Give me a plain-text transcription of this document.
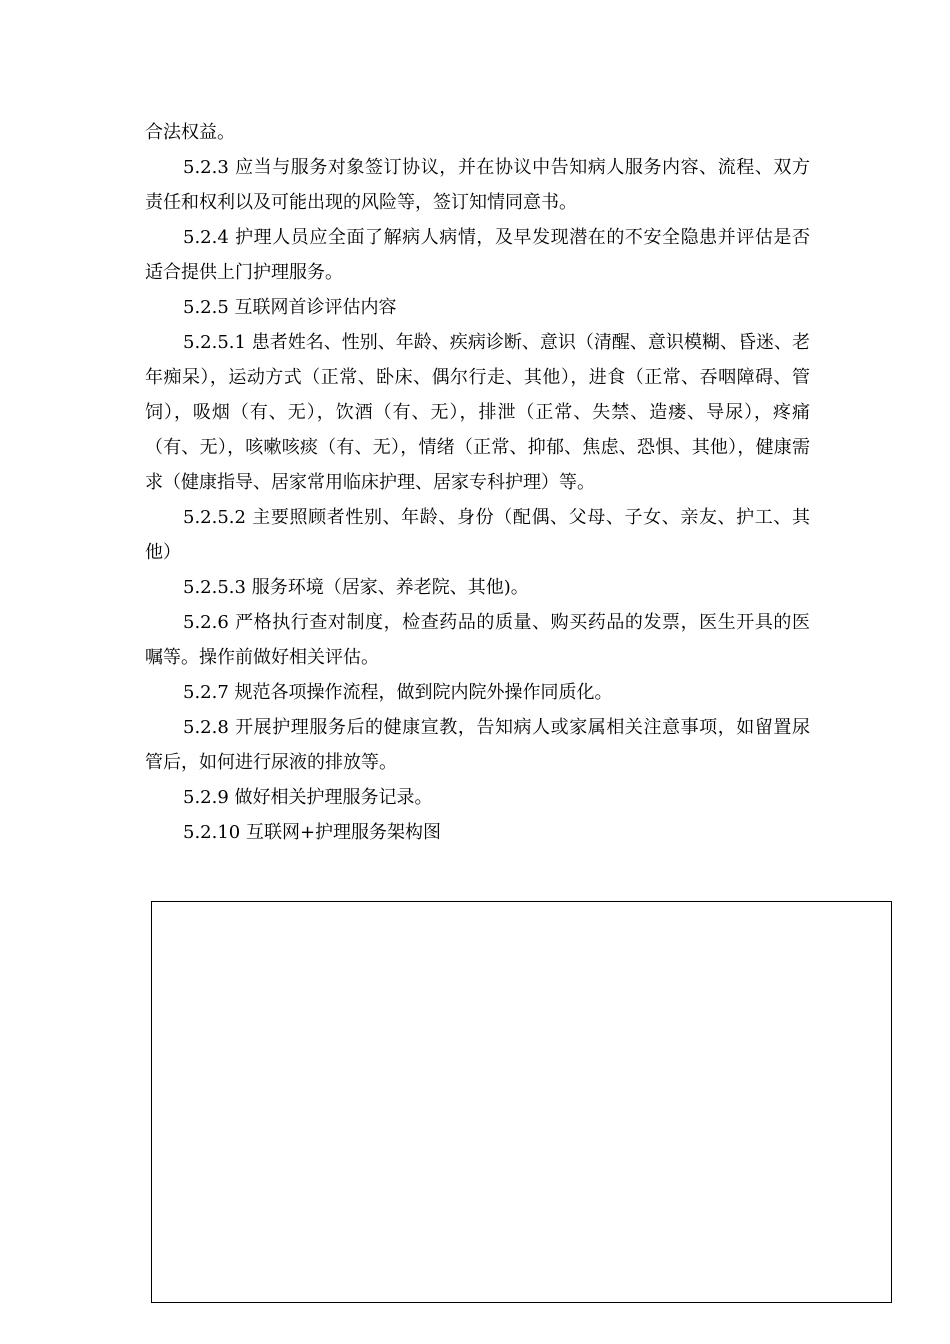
合法权益。

5.2.3 应当与服务对象签订协议，并在协议中告知病人服务内容、流程、双方责任和权利以及可能出现的风险等，签订知情同意书。

5.2.4 护理人员应全面了解病人病情，及早发现潜在的不安全隐患并评估是否适合提供上门护理服务。

5.2.5 互联网首诊评估内容

5.2.5.1 患者姓名、性别、年龄、疾病诊断、意识（清醒、意识模糊、昏迷、老年痴呆），运动方式（正常、卧床、偶尔行走、其他），进食（正常、吞咽障碍、管饲），吸烟（有、无），饮酒（有、无），排泄（正常、失禁、造瘘、导尿），疼痛（有、无），咳嗽咳痰（有、无），情绪（正常、抑郁、焦虑、恐惧、其他），健康需求（健康指导、居家常用临床护理、居家专科护理）等。

5.2.5.2 主要照顾者性别、年龄、身份（配偶、父母、子女、亲友、护工、其他）

5.2.5.3 服务环境（居家、养老院、其他)。

5.2.6 严格执行查对制度，检查药品的质量、购买药品的发票，医生开具的医嘱等。操作前做好相关评估。

5.2.7 规范各项操作流程，做到院内院外操作同质化。

5.2.8 开展护理服务后的健康宣教，告知病人或家属相关注意事项，如留置尿管后，如何进行尿液的排放等。

5.2.9 做好相关护理服务记录。

5.2.10 互联网+护理服务架构图
